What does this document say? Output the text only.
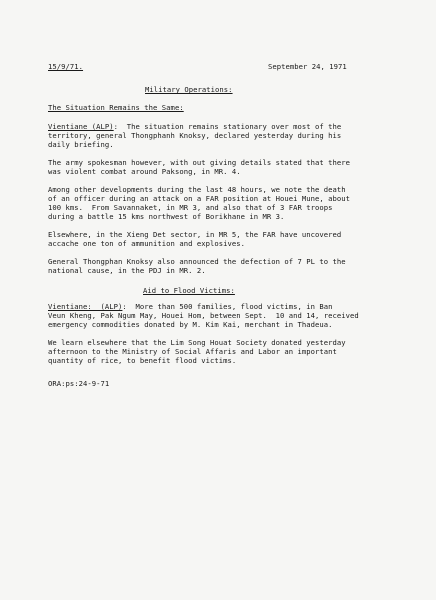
15/9/71.	September 24, 1971
Military Operations:
The Situation Remains the Same:
Vientiane (ALP):  The situation remains stationary over most of the
territory, general Thongphanh Knoksy, declared yesterday during his
daily briefing.
The army spokesman however, with out giving details stated that there
was violent combat around Paksong, in MR. 4.
Among other developments during the last 48 hours, we note the death
of an officer during an attack on a FAR position at Houei Mune, about
100 kms.  From Savannaket, in MR 3, and also that of 3 FAR troops
during a battle 15 kms northwest of Borikhane in MR 3.
Elsewhere, in the Xieng Det sector, in MR 5, the FAR have uncovered
accache one ton of ammunition and explosives.
General Thongphan Knoksy also announced the defection of 7 PL to the
national cause, in the PDJ in MR. 2.
Aid to Flood Victims:
Vientiane:  (ALP):  More than 500 families, flood victims, in Ban
Veun Kheng, Pak Ngum May, Houei Hom, between Sept.  10 and 14, received
emergency commodities donated by M. Kim Kai, merchant in Thadeua.
We learn elsewhere that the Lim Song Houat Society donated yesterday
afternoon to the Ministry of Social Affaris and Labor an important
quantity of rice, to benefit flood victims.
ORA:ps:24-9-71
